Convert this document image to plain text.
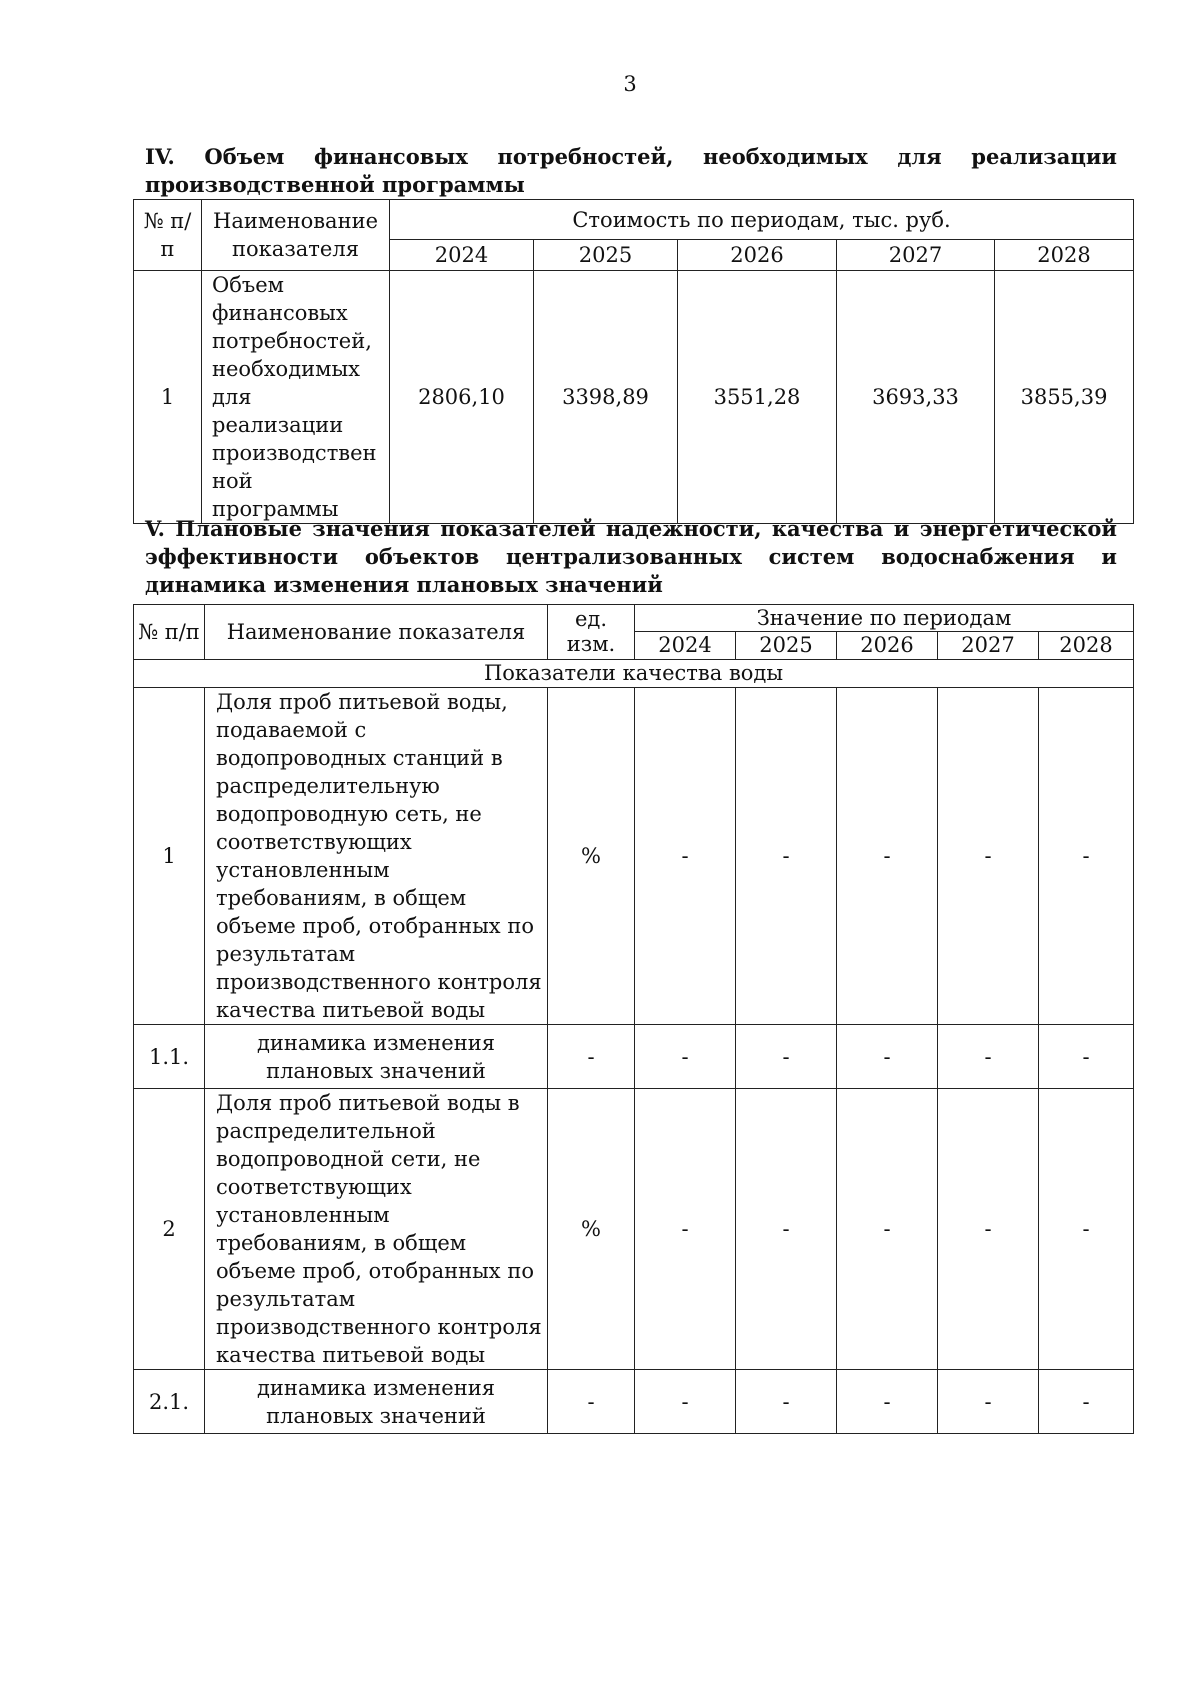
3
IV. Объем финансовых потребностей, необходимых для реализации производственной программы
№ п/п	Наименование показателя	Стоимость по периодам, тыс. руб.				
		2024	2025	2026	2027	2028
1	Объем финансовых потребностей, необходимых для реализации производствен ной программы	2806,10	3398,89	3551,28	3693,33	3855,39
V. Плановые значения показателей надежности, качества и энергетической эффективности объектов централизованных систем водоснабжения и динамика изменения плановых значений
№ п/п	Наименование показателя	ед. изм.	Значение по периодам				
			2024	2025	2026	2027	2028
Показатели качества воды							
1	Доля проб питьевой воды, подаваемой с водопроводных станций в распределительную водопроводную сеть, не соответствующих установленным требованиям, в общем объеме проб, отобранных по результатам производственного контроля качества питьевой воды	%	-	-	-	-	-
1.1.	динамика изменения плановых значений	-	-	-	-	-	-
2	Доля проб питьевой воды в распределительной водопроводной сети, не соответствующих установленным требованиям, в общем объеме проб, отобранных по результатам производственного контроля качества питьевой воды	%	-	-	-	-	-
2.1.	динамика изменения плановых значений	-	-	-	-	-	-
